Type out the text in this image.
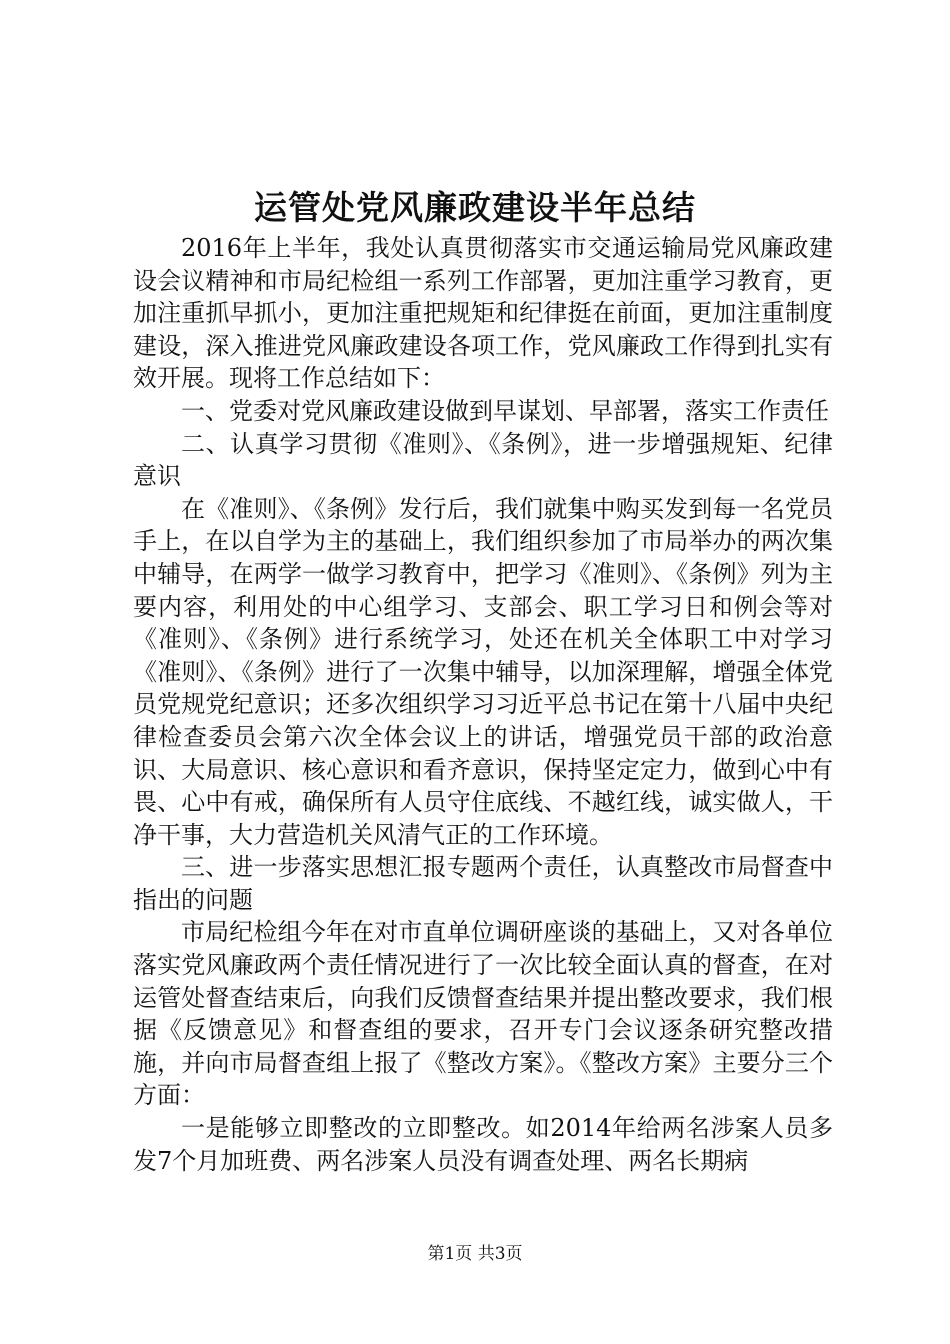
运管处党风廉政建设半年总结

2016年上半年，我处认真贯彻落实市交通运输局党风廉政建设会议精神和市局纪检组一系列工作部署，更加注重学习教育，更加注重抓早抓小，更加注重把规矩和纪律挺在前面，更加注重制度建设，深入推进党风廉政建设各项工作，党风廉政工作得到扎实有效开展。现将工作总结如下：

一、党委对党风廉政建设做到早谋划、早部署，落实工作责任

二、认真学习贯彻《准则》、《条例》，进一步增强规矩、纪律意识

在《准则》、《条例》发行后，我们就集中购买发到每一名党员手上，在以自学为主的基础上，我们组织参加了市局举办的两次集中辅导，在两学一做学习教育中，把学习《准则》、《条例》列为主要内容，利用处的中心组学习、支部会、职工学习日和例会等对《准则》、《条例》进行系统学习，处还在机关全体职工中对学习《准则》、《条例》进行了一次集中辅导，以加深理解，增强全体党员党规党纪意识；还多次组织学习习近平总书记在第十八届中央纪律检查委员会第六次全体会议上的讲话，增强党员干部的政治意识、大局意识、核心意识和看齐意识，保持坚定定力，做到心中有畏、心中有戒，确保所有人员守住底线、不越红线，诚实做人，干净干事，大力营造机关风清气正的工作环境。

三、进一步落实思想汇报专题两个责任，认真整改市局督查中指出的问题

市局纪检组今年在对市直单位调研座谈的基础上，又对各单位落实党风廉政两个责任情况进行了一次比较全面认真的督查，在对运管处督查结束后，向我们反馈督查结果并提出整改要求，我们根据《反馈意见》和督查组的要求，召开专门会议逐条研究整改措施，并向市局督查组上报了《整改方案》。《整改方案》主要分三个方面：

一是能够立即整改的立即整改。如2014年给两名涉案人员多发7个月加班费、两名涉案人员没有调查处理、两名长期病

第1页 共3页
